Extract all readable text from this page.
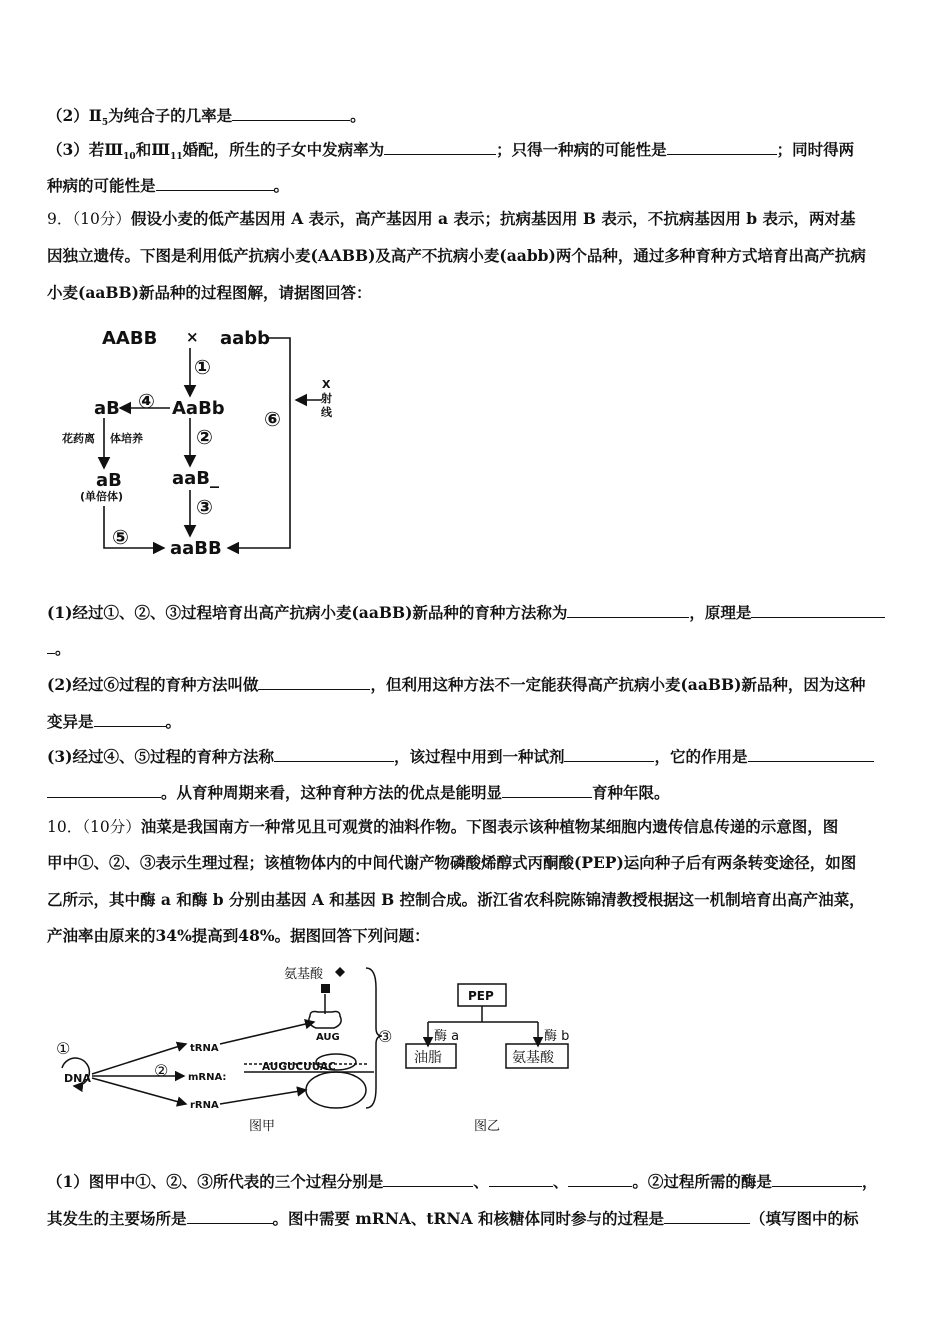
$(2)Ⅱ_5$为纯合子的几率是	。
（3）若$Ⅲ_{10}$和$Ⅲ_{11}$婚配，所生的子女中发病率为	；只得一种病的可能性是	；同时得两
种病的可能性是	。
9．（10分）假设小麦的低产基因用 A 表示，高产基因用 a 表示；抗病基因用 B 表示，不抗病基因用 b 表示，两对基
因独立遗传。下图是利用低产抗病小麦(AABB)及高产不抗病小麦(aabb)两个品种，通过多种育种方式培育出高产抗病
小麦(aaBB)新品种的过程图解，请据图回答：
AABB × aabb
AaBb
aB
aB
(单倍体)
aaB_
aaBB
花药离 体培养
X
射
线
①
②
③
④
⑤
⑥
(1)经过①、②、③过程培育出高产抗病小麦(aaBB)新品种的育种方法称为	，原理是
。
(2)经过⑥过程的育种方法叫做	，但利用这种方法不一定能获得高产抗病小麦(aaBB)新品种，因为这种
变异是	。
(3)经过④、⑤过程的育种方法称	，该过程中用到一种试剂	，它的作用是
。从育种周期来看，这种育种方法的优点是能明显	育种年限。
10．（10分）油菜是我国南方一种常见且可观赏的油料作物。下图表示该种植物某细胞内遗传信息传递的示意图，图
甲中①、②、③表示生理过程；该植物体内的中间代谢产物磷酸烯醇式丙酮酸(PEP)运向种子后有两条转变途径，如图
乙所示，其中酶 a 和酶 b 分别由基因 A 和基因 B 控制合成。浙江省农科院陈锦清教授根据这一机制培育出高产油菜，
产油率由原来的34%提高到48%。据图回答下列问题：
氨基酸
AUG
AUGUCUUAC
DNA
tRNA
mRNA:
rRNA
①
②
③
图甲
PEP
酶 a	酶 b
油脂	氨基酸
图乙
（1）图甲中①、②、③所代表的三个过程分别是	、	、	。②过程所需的酶是	，
其发生的主要场所是	。图中需要 mRNA、tRNA 和核糖体同时参与的过程是	（填写图中的标
